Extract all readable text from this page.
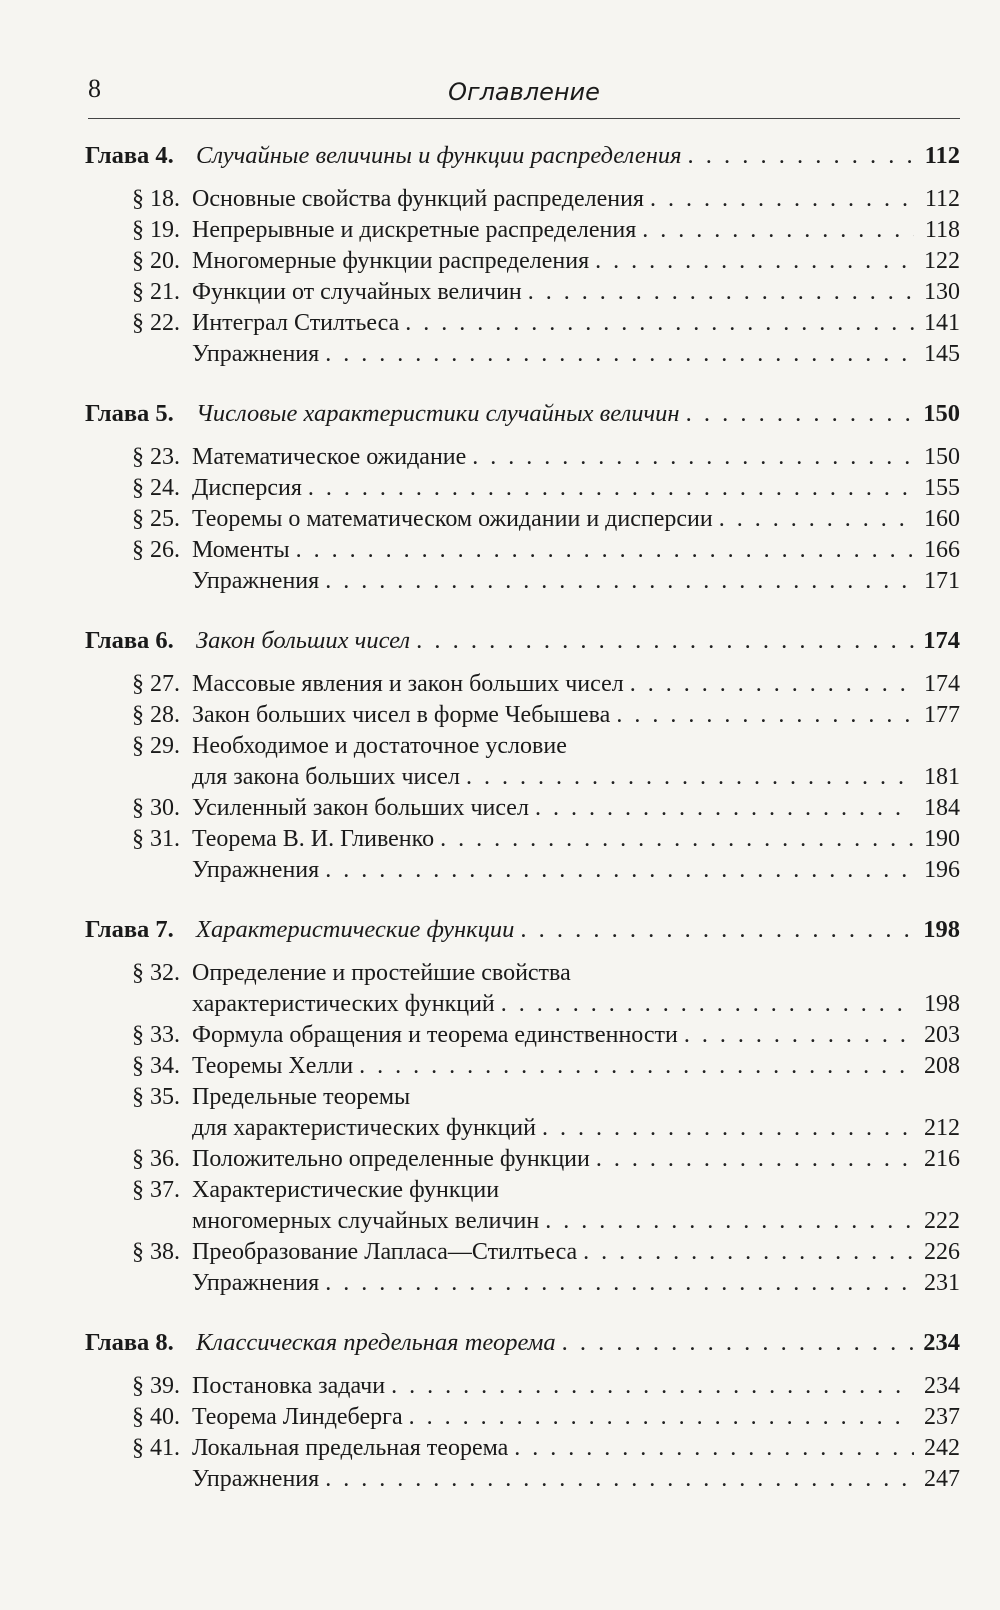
8	Оглавление
Глава 4. Случайные величины и функции распределения . . .	112
§ 18. Основные свойства функций распределения . . .	112
§ 19. Непрерывные и дискретные распределения . . .	118
§ 20. Многомерные функции распределения . . .	122
§ 21. Функции от случайных величин . . .	130
§ 22. Интеграл Стилтьеса . . .	141
Упражнения . . .	145
Глава 5. Числовые характеристики случайных величин . . .	150
§ 23. Математическое ожидание . . .	150
§ 24. Дисперсия . . .	155
§ 25. Теоремы о математическом ожидании и дисперсии . . .	160
§ 26. Моменты . . .	166
Упражнения . . .	171
Глава 6. Закон больших чисел . . .	174
§ 27. Массовые явления и закон больших чисел . . .	174
§ 28. Закон больших чисел в форме Чебышева . . .	177
§ 29. Необходимое и достаточное условие
для закона больших чисел . . .	181
§ 30. Усиленный закон больших чисел . . .	184
§ 31. Теорема В. И. Гливенко . . .	190
Упражнения . . .	196
Глава 7. Характеристические функции . . .	198
§ 32. Определение и простейшие свойства
характеристических функций . . .	198
§ 33. Формула обращения и теорема единственности . . .	203
§ 34. Теоремы Хелли . . .	208
§ 35. Предельные теоремы
для характеристических функций . . .	212
§ 36. Положительно определенные функции . . .	216
§ 37. Характеристические функции
многомерных случайных величин . . .	222
§ 38. Преобразование Лапласа—Стилтьеса . . .	226
Упражнения . . .	231
Глава 8. Классическая предельная теорема . . .	234
§ 39. Постановка задачи . . .	234
§ 40. Теорема Линдеберга . . .	237
§ 41. Локальная предельная теорема . . .	242
Упражнения . . .	247
